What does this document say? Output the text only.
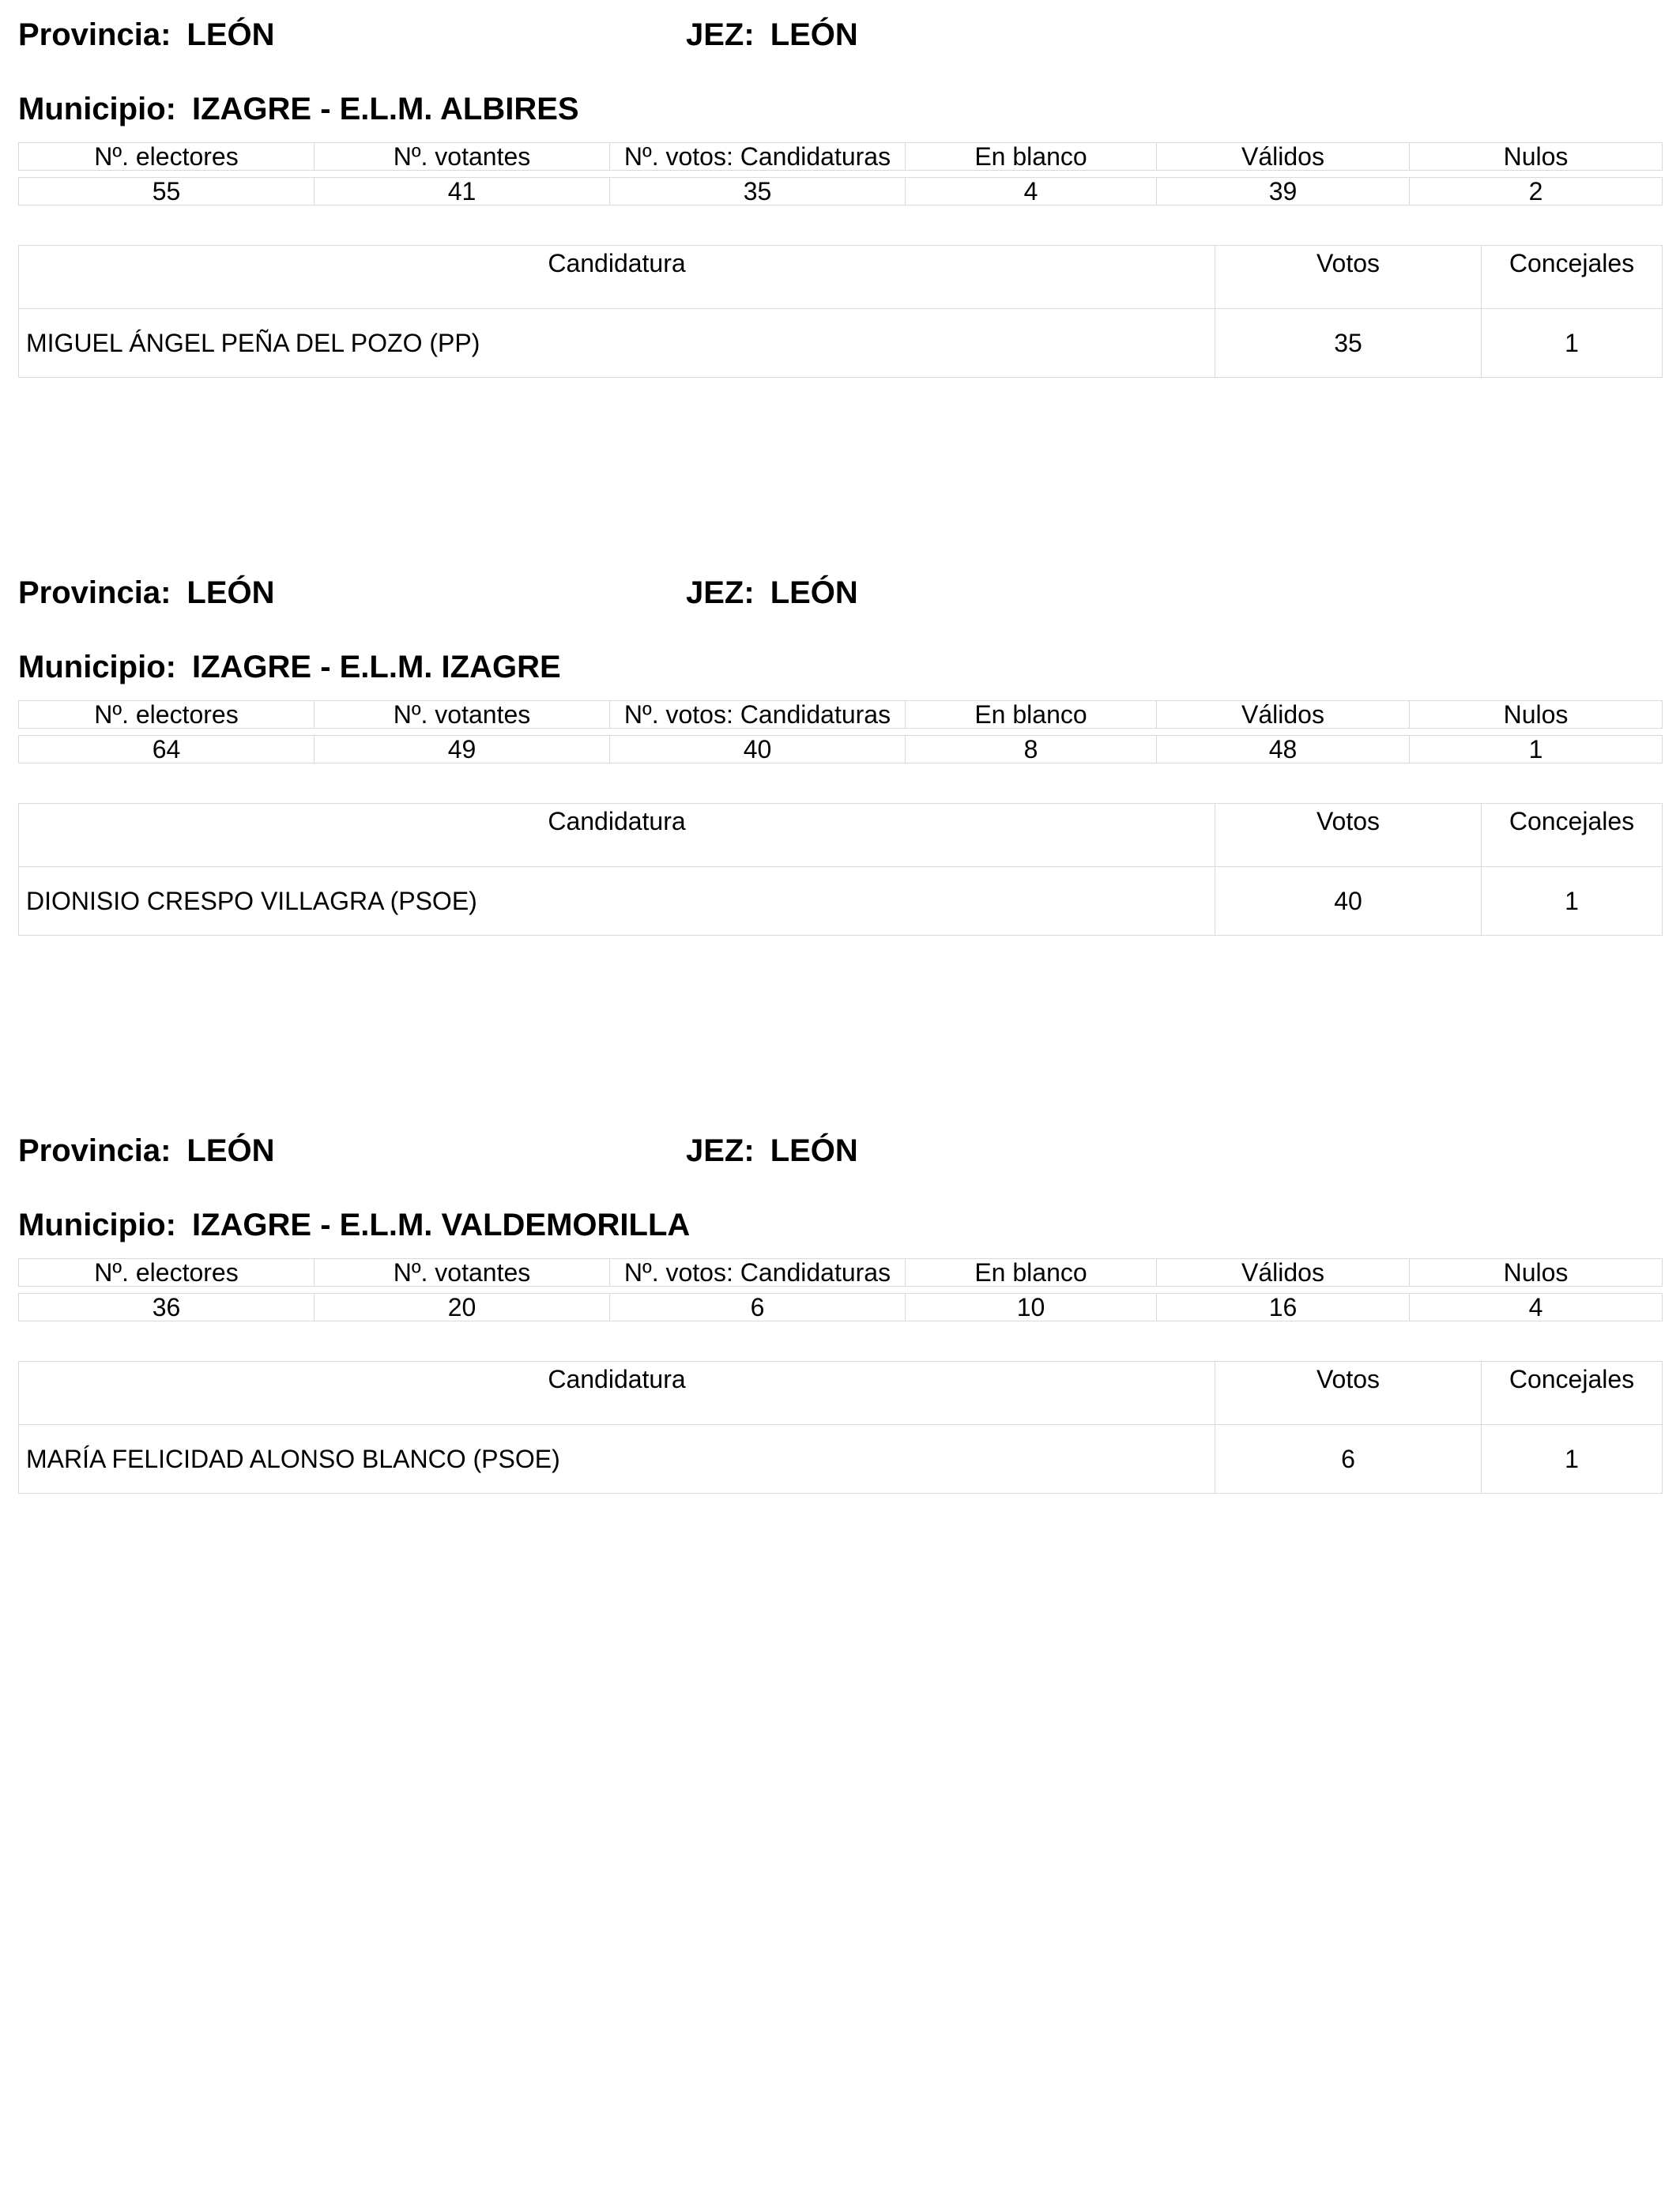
Provincia: LEÓN	JEZ: LEÓN
Municipio: IZAGRE - E.L.M. ALBIRES
Nº. electores	Nº. votantes	Nº. votos: Candidaturas	En blanco	Válidos	Nulos

55	41	35	4	39	2
Candidatura	Votos	Concejales
MIGUEL ÁNGEL PEÑA DEL POZO (PP)	35	1
Provincia: LEÓN	JEZ: LEÓN
Municipio: IZAGRE - E.L.M. IZAGRE
Nº. electores	Nº. votantes	Nº. votos: Candidaturas	En blanco	Válidos	Nulos

64	49	40	8	48	1
Candidatura	Votos	Concejales
DIONISIO CRESPO VILLAGRA (PSOE)	40	1
Provincia: LEÓN	JEZ: LEÓN
Municipio: IZAGRE - E.L.M. VALDEMORILLA
Nº. electores	Nº. votantes	Nº. votos: Candidaturas	En blanco	Válidos	Nulos

36	20	6	10	16	4
Candidatura	Votos	Concejales
MARÍA FELICIDAD ALONSO BLANCO (PSOE)	6	1
